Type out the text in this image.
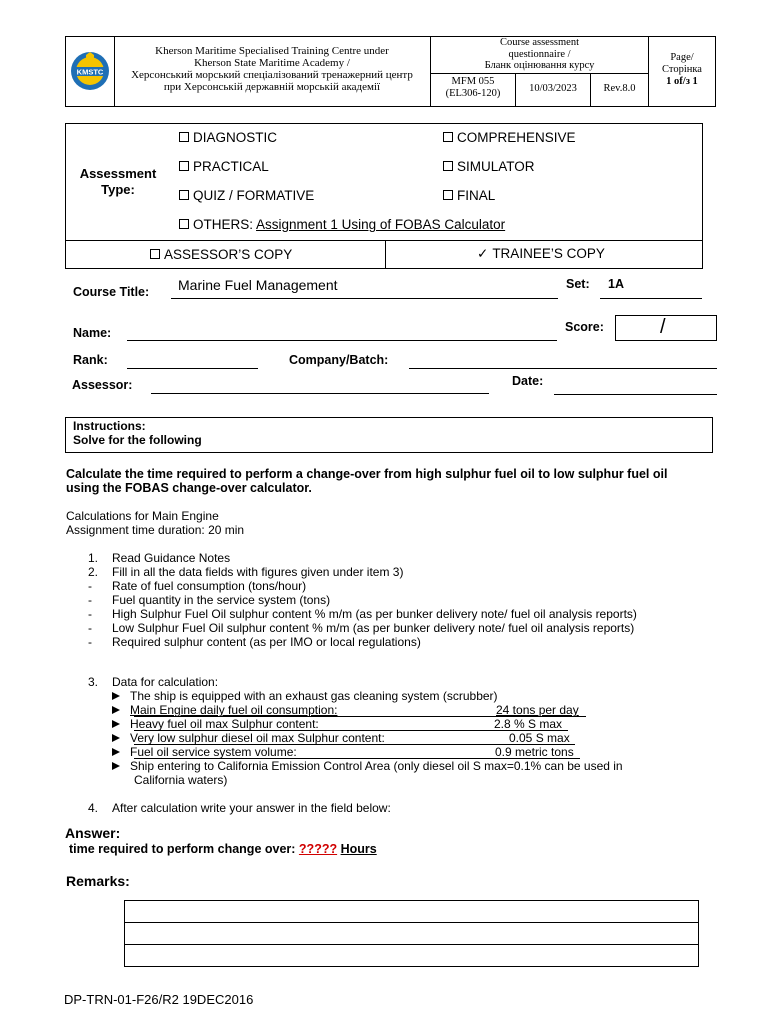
KMSTC
Kherson Maritime Specialised Training Centre under
Kherson State Maritime Academy /
Херсонський морський спеціалізований тренажерний центр
при Херсонській державній морській академії
Course assessment
questionnaire /
Бланк оцінювання курсу
MFM 055
(EL306-120)	10/03/2023	Rev.8.0
Page/
Сторінка
1 of/з 1
Assessment
Type:
DIAGNOSTIC	COMPREHENSIVE
PRACTICAL	SIMULATOR
QUIZ / FORMATIVE	FINAL
OTHERS: Assignment 1 Using of FOBAS Calculator
ASSESSOR’S COPY	✓ TRAINEE’S COPY
Course Title: Marine Fuel Management	Set: 1A
Name:	Score:	/
Rank:	Company/Batch:
Assessor:	Date:
Instructions:
Solve for the following
Calculate the time required to perform a change-over from high sulphur fuel oil to low sulphur fuel oil
using the FOBAS change-over calculator.
Calculations for Main Engine
Assignment time duration: 20 min
1. Read Guidance Notes
2. Fill in all the data fields with figures given under item 3)
- Rate of fuel consumption (tons/hour)
- Fuel quantity in the service system (tons)
- High Sulphur Fuel Oil sulphur content % m/m (as per bunker delivery note/ fuel oil analysis reports)
- Low Sulphur Fuel Oil sulphur content % m/m (as per bunker delivery note/ fuel oil analysis reports)
- Required sulphur content (as per IMO or local regulations)
3. Data for calculation:
The ship is equipped with an exhaust gas cleaning system (scrubber)
Main Engine daily fuel oil consumption:	24 tons per day
Heavy fuel oil max Sulphur content:	2.8 % S max
Very low sulphur diesel oil max Sulphur content:	0.05 S max
Fuel oil service system volume:	0.9 metric tons
Ship entering to California Emission Control Area (only diesel oil S max=0.1% can be used in
California waters)
4. After calculation write your answer in the field below:
Answer:
time required to perform change over: ????? Hours
Remarks:
DP-TRN-01-F26/R2 19DEC2016
